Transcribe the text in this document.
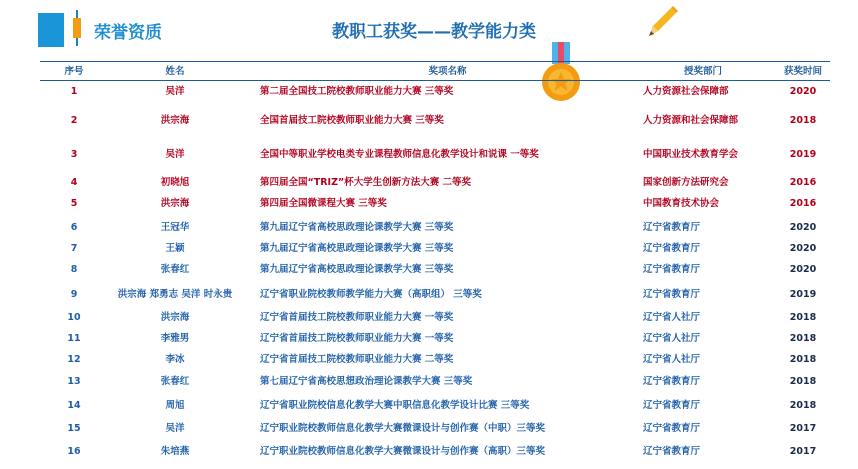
荣誉资质	教职工获奖——教学能力类
序号	姓名	奖项名称	授奖部门	获奖时间
1	吴洋	第二届全国技工院校教师职业能力大赛 三等奖	人力资源社会保障部	2020
2	洪宗海	全国首届技工院校教师职业能力大赛 三等奖	人力资源和社会保障部	2018
3	吴洋	全国中等职业学校电类专业课程教师信息化教学设计和说课 一等奖	中国职业技术教育学会	2019
4	初晓旭	第四届全国“TRIZ”杯大学生创新方法大赛 二等奖	国家创新方法研究会	2016
5	洪宗海	第四届全国微课程大赛 三等奖	中国教育技术协会	2016
6	王冠华	第九届辽宁省高校思政理论课教学大赛 三等奖	辽宁省教育厅	2020
7	王颖	第九届辽宁省高校思政理论课教学大赛 三等奖	辽宁省教育厅	2020
8	张春红	第九届辽宁省高校思政理论课教学大赛 三等奖	辽宁省教育厅	2020
9	洪宗海 郑勇志 吴洋 时永贵	辽宁省职业院校教师教学能力大赛（高职组） 三等奖	辽宁省教育厅	2019
10	洪宗海	辽宁省首届技工院校教师职业能力大赛 一等奖	辽宁省人社厅	2018
11	李雅男	辽宁省首届技工院校教师职业能力大赛 一等奖	辽宁省人社厅	2018
12	李冰	辽宁省首届技工院校教师职业能力大赛 二等奖	辽宁省人社厅	2018
13	张春红	第七届辽宁省高校思想政治理论课教学大赛 三等奖	辽宁省教育厅	2018
14	周旭	辽宁省职业院校信息化教学大赛中职信息化教学设计比赛 三等奖	辽宁省教育厅	2018
15	吴洋	辽宁职业院校教师信息化教学大赛微课设计与创作赛（中职）三等奖	辽宁省教育厅	2017
16	朱培燕	辽宁职业院校教师信息化教学大赛微课设计与创作赛（高职）三等奖	辽宁省教育厅	2017
